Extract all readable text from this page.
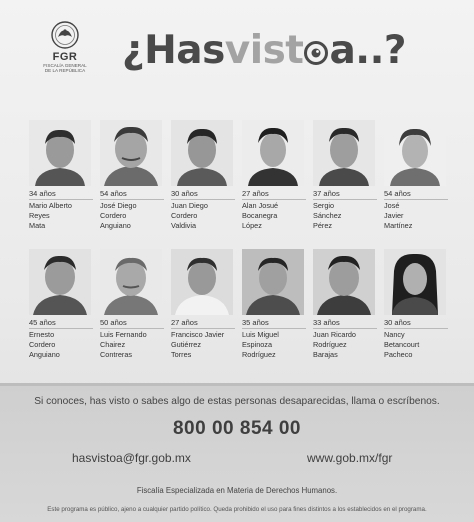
FGR
FISCALÍA GENERAL
DE LA REPÚBLICA ¿Hasvist a..?
34 años
Mario Alberto
Reyes
Mata
54 años
José Diego
Cordero
Anguiano
30 años
Juan Diego
Cordero
Valdivia
27 años
Alan Josué
Bocanegra
López
37 años
Sergio
Sánchez
Pérez
54 años
José
Javier
Martínez
45 años
Ernesto
Cordero
Anguiano
50 años
Luis Fernando
Chairez
Contreras
27 años
Francisco Javier
Gutiérrez
Torres
35 años
Luis Miguel
Espinoza
Rodríguez
33 años
Juan Ricardo
Rodríguez
Barajas
30 años
Nancy
Betancourt
Pacheco
Si conoces, has visto o sabes algo de estas personas desaparecidas, llama o escríbenos.
800 00 854 00
hasvistoa@fgr.gob.mx	www.gob.mx/fgr
Fiscalía Especializada en Materia de Derechos Humanos.
Este programa es público, ajeno a cualquier partido político. Queda prohibido el uso para fines distintos a los establecidos en el programa.
